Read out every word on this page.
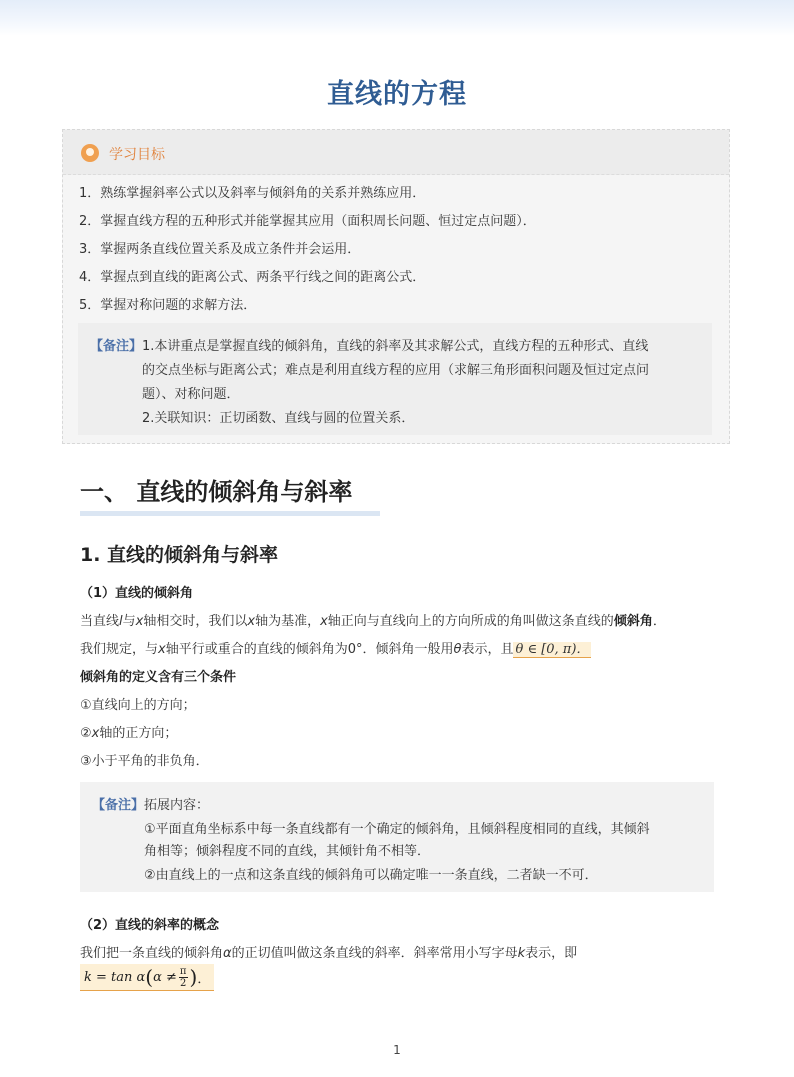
直线的方程
学习目标
1．熟练掌握斜率公式以及斜率与倾斜角的关系并熟练应用．
2．掌握直线方程的五种形式并能掌握其应用（面积周长问题、恒过定点问题）．
3．掌握两条直线位置关系及成立条件并会运用．
4．掌握点到直线的距离公式、两条平行线之间的距离公式．
5．掌握对称问题的求解方法．
【备注】 1.本讲重点是掌握直线的倾斜角，直线的斜率及其求解公式，直线方程的五种形式、直线
的交点坐标与距离公式；难点是利用直线方程的应用（求解三角形面积问题及恒过定点问
题）、对称问题．
2.关联知识：正切函数、直线与圆的位置关系．
一、 直线的倾斜角与斜率
1. 直线的倾斜角与斜率
（1）直线的倾斜角
当直线l与x轴相交时，我们以x轴为基准，x轴正向与直线向上的方向所成的角叫做这条直线的倾斜角．
我们规定，与x轴平行或重合的直线的倾斜角为0°．倾斜角一般用θ表示，且 θ ∈ [0, π)．
倾斜角的定义含有三个条件
①直线向上的方向；
②x轴的正方向；
③小于平角的非负角．
【备注】 拓展内容：
①平面直角坐标系中每一条直线都有一个确定的倾斜角，且倾斜程度相同的直线，其倾斜
角相等；倾斜程度不同的直线，其倾针角不相等．
②由直线上的一点和这条直线的倾斜角可以确定唯一一条直线，二者缺一不可．
（2）直线的斜率的概念
我们把一条直线的倾斜角α的正切值叫做这条直线的斜率．斜率常用小写字母k表示，即
k = tan α ( $\alpha \ne \frac{\pi}{2}$ ) ．
1
